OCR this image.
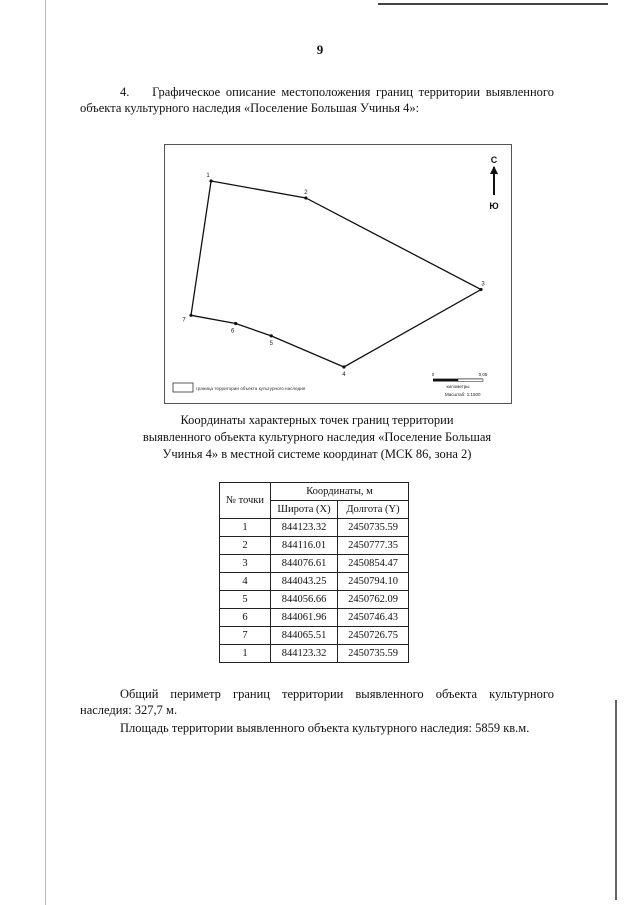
9
4. Графическое описание местоположения границ территории выявленного объекта культурного наследия «Поселение Большая Учинья 4»:
1
2
3
4
5
6
7
С
Ю
граница территории объекта культурного наследия
0	0,05
километры
Масштаб: 1:1500
Координаты характерных точек границ территории
выявленного объекта культурного наследия «Поселение Большая
Учинья 4» в местной системе координат (МСК 86, зона 2)
№ точки	Координаты, м	
	Широта (X)	Долгота (Y)
1	844123.32	2450735.59
2	844116.01	2450777.35
3	844076.61	2450854.47
4	844043.25	2450794.10
5	844056.66	2450762.09
6	844061.96	2450746.43
7	844065.51	2450726.75
1	844123.32	2450735.59
Общий периметр границ территории выявленного объекта культурного наследия: 327,7 м.
Площадь территории выявленного объекта культурного наследия: 5859 кв.м.
